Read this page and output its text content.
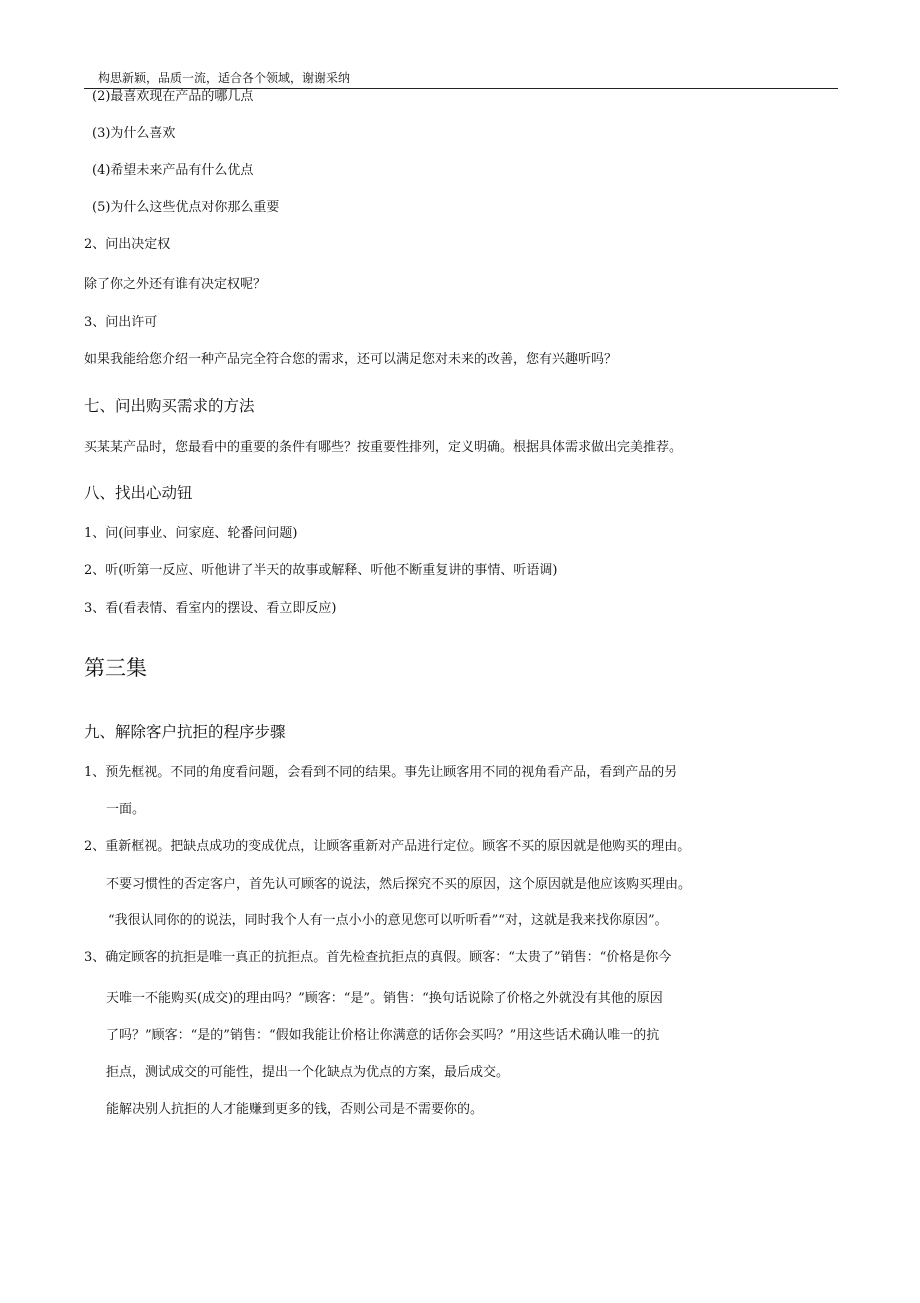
构思新颖，品质一流，适合各个领域，谢谢采纳
(2)最喜欢现在产品的哪几点
(3)为什么喜欢
(4)希望未来产品有什么优点
(5)为什么这些优点对你那么重要
2、问出决定权
除了你之外还有谁有决定权呢？
3、问出许可
如果我能给您介绍一种产品完全符合您的需求，还可以满足您对未来的改善，您有兴趣听吗？
七、问出购买需求的方法
买某某产品时，您最看中的重要的条件有哪些？按重要性排列，定义明确。根据具体需求做出完美推荐。
八、找出心动钮
1、问(问事业、问家庭、轮番问问题)
2、听(听第一反应、听他讲了半天的故事或解释、听他不断重复讲的事情、听语调)
3、看(看表情、看室内的摆设、看立即反应)
第三集
九、解除客户抗拒的程序步骤
1、预先框视。不同的角度看问题，会看到不同的结果。事先让顾客用不同的视角看产品，看到产品的另
一面。
2、重新框视。把缺点成功的变成优点，让顾客重新对产品进行定位。顾客不买的原因就是他购买的理由。
不要习惯性的否定客户，首先认可顾客的说法，然后探究不买的原因，这个原因就是他应该购买理由。
“我很认同你的的说法，同时我个人有一点小小的意见您可以听听看”“对，这就是我来找你原因”。
3、确定顾客的抗拒是唯一真正的抗拒点。首先检查抗拒点的真假。顾客：“太贵了”销售：“价格是你今
天唯一不能购买(成交)的理由吗？”顾客：“是”。销售：“换句话说除了价格之外就没有其他的原因
了吗？”顾客：“是的”销售：“假如我能让价格让你满意的话你会买吗？”用这些话术确认唯一的抗
拒点，测试成交的可能性，提出一个化缺点为优点的方案，最后成交。
能解决别人抗拒的人才能赚到更多的钱，否则公司是不需要你的。
